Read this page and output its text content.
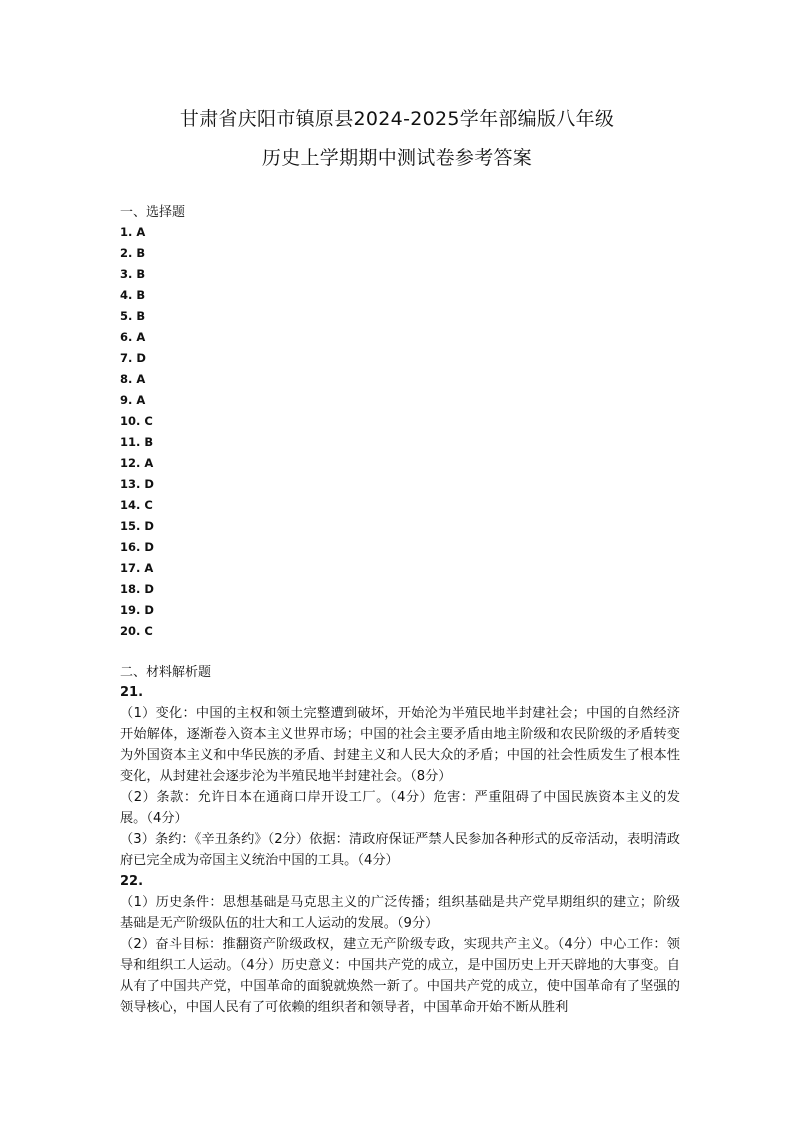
甘肃省庆阳市镇原县2024-2025学年部编版八年级
历史上学期期中测试卷参考答案
一、选择题
1. A
2. B
3. B
4. B
5. B
6. A
7. D
8. A
9. A
10. C
11. B
12. A
13. D
14. C
15. D
16. D
17. A
18. D
19. D
20. C
二、材料解析题
21.

（1）变化：中国的主权和领土完整遭到破坏，开始沦为半殖民地半封建社会；中国的自然经济开始解体，逐渐卷入资本主义世界市场；中国的社会主要矛盾由地主阶级和农民阶级的矛盾转变为外国资本主义和中华民族的矛盾、封建主义和人民大众的矛盾；中国的社会性质发生了根本性变化，从封建社会逐步沦为半殖民地半封建社会。（8分）

（2）条款：允许日本在通商口岸开设工厂。（4分）危害：严重阻碍了中国民族资本主义的发展。（4分）

（3）条约：《辛丑条约》（2分）依据：清政府保证严禁人民参加各种形式的反帝活动，表明清政府已完全成为帝国主义统治中国的工具。（4分）

22.

（1）历史条件：思想基础是马克思主义的广泛传播；组织基础是共产党早期组织的建立；阶级基础是无产阶级队伍的壮大和工人运动的发展。（9分）

（2）奋斗目标：推翻资产阶级政权，建立无产阶级专政，实现共产主义。（4分）中心工作：领导和组织工人运动。（4分）历史意义：中国共产党的成立，是中国历史上开天辟地的大事变。自从有了中国共产党，中国革命的面貌就焕然一新了。中国共产党的成立，使中国革命有了坚强的领导核心，中国人民有了可依赖的组织者和领导者，中国革命开始不断从胜利
